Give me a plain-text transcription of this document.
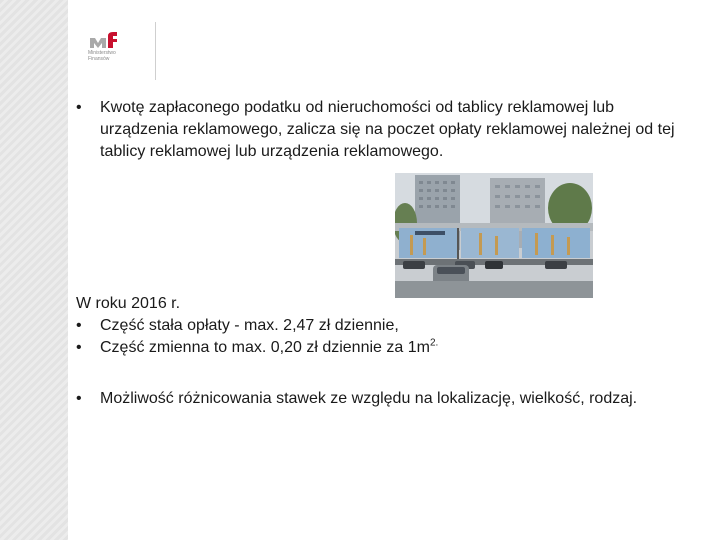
Ministerstwo
Finansów
•	Kwotę zapłaconego podatku od nieruchomości od tablicy reklamowej lub urządzenia reklamowego, zalicza się na poczet opłaty reklamowej należnej od tej tablicy reklamowej lub urządzenia reklamowego.
W roku 2016 r.
•	Część stała opłaty - max. 2,47 zł dziennie,
•	Część zmienna to max. 0,20 zł dziennie za $1m^{2.}$
•	Możliwość różnicowania stawek ze względu na lokalizację, wielkość, rodzaj.
